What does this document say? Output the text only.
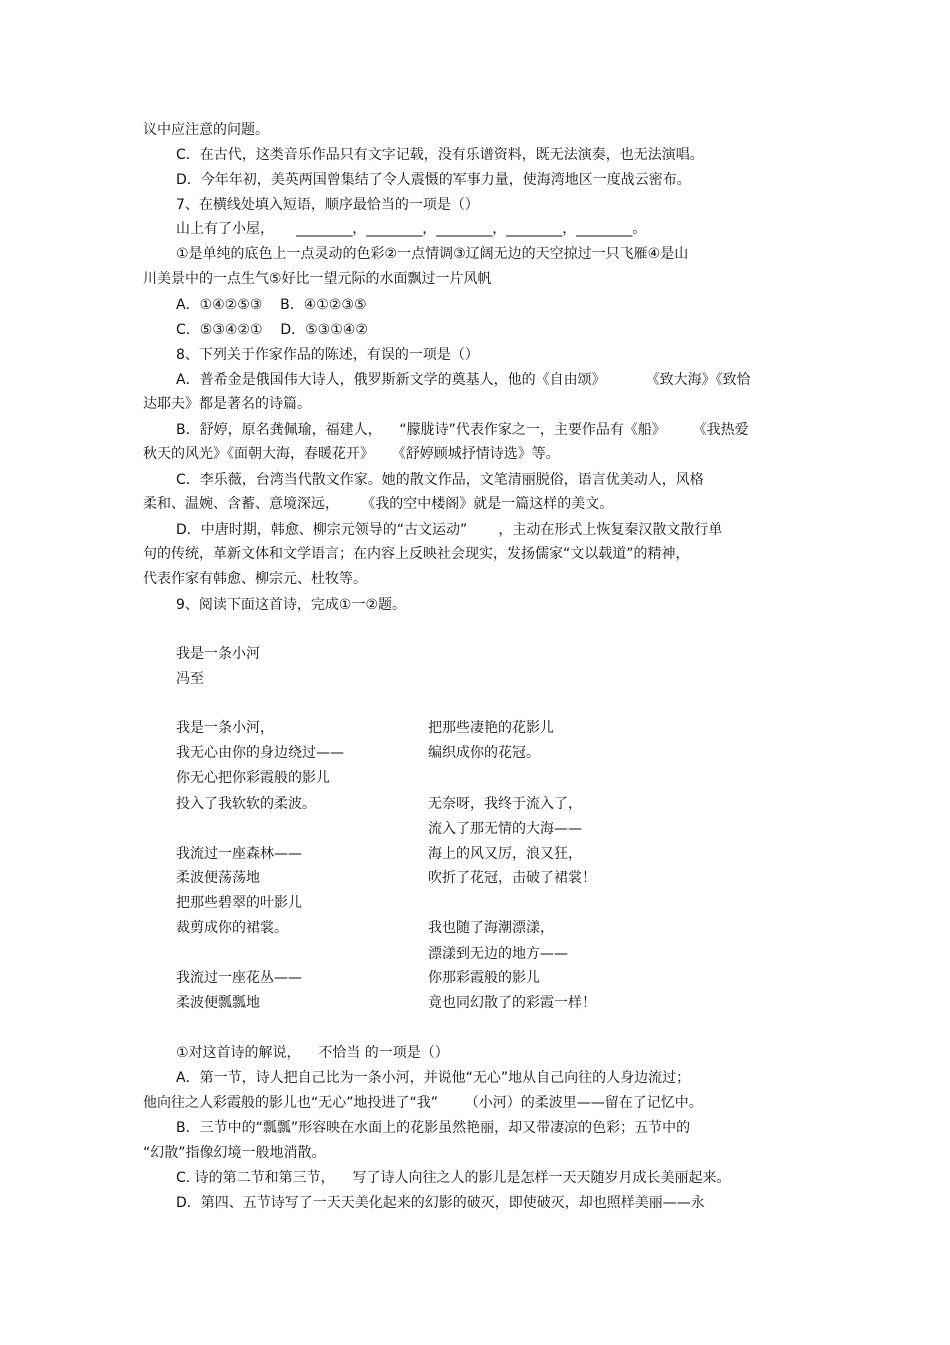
议中应注意的问题。
C．在古代，这类音乐作品只有文字记载，没有乐谱资料，既无法演奏，也无法演唱。
D．今年年初，美英两国曾集结了令人震慑的军事力量，使海湾地区一度战云密布。
7、在横线处填入短语，顺序最恰当的一项是（）
山上有了小屋，     ________，________，________，________，________。
①是单纯的底色上一点灵动的色彩②一点情调③辽阔无边的天空掠过一只飞雁④是山
川美景中的一点生气⑤好比一望元际的水面飘过一片风帆
A．①④②⑤③    B．④①②③⑤
C．⑤③④②①    D．⑤③①④②
8、下列关于作家作品的陈述，有误的一项是（）
A．普希金是俄国伟大诗人，俄罗斯新文学的奠基人，他的《自由颂》         《致大海》《致恰
达耶夫》都是著名的诗篇。
B．舒婷，原名龚佩瑜，福建人，    “朦胧诗”代表作家之一，主要作品有《船》      《我热爱
秋天的风光》《面朝大海，春暖花开》    《舒婷顾城抒情诗选》等。
C．李乐薇，台湾当代散文作家。她的散文作品，文笔清丽脱俗，语言优美动人，风格
柔和、温婉、含蓄、意境深远，     《我的空中楼阁》就是一篇这样的美文。
D．中唐时期，韩愈、柳宗元领导的“古文运动”       ，主动在形式上恢复秦汉散文散行单
句的传统，革新文体和文学语言；在内容上反映社会现实，发扬儒家“文以载道”的精神，
代表作家有韩愈、柳宗元、杜牧等。
9、阅读下面这首诗，完成①一②题。
我是一条小河
冯至
我是一条小河，
我无心由你的身边绕过——
你无心把你彩霞般的影儿
投入了我软软的柔波。
我流过一座森林——
柔波便荡荡地
把那些碧翠的叶影儿
裁剪成你的裙裳。
我流过一座花丛——
柔波便瓢瓢地
把那些凄艳的花影儿
编织成你的花冠。
无奈呀，我终于流入了，
流入了那无情的大海——
海上的风又厉，浪又狂，
吹折了花冠，击破了裙裳！
我也随了海潮漂漾，
漂漾到无边的地方——
你那彩霞般的影儿
竟也同幻散了的彩霞一样！
①对这首诗的解说，    不恰当 的一项是（）
A．第一节，诗人把自己比为一条小河，并说他“无心”地从自己向往的人身边流过；
他向往之人彩霞般的影儿也“无心”地投进了“我”      （小河）的柔波里——留在了记忆中。
B．三节中的“瓢瓢”形容映在水面上的花影虽然艳丽，却又带凄凉的色彩；五节中的
“幻散”指像幻境一般地消散。
C. 诗的第二节和第三节，    写了诗人向往之人的影儿是怎样一天天随岁月成长美丽起来。
D．第四、五节诗写了一天天美化起来的幻影的破灭，即使破灭，却也照样美丽——永
